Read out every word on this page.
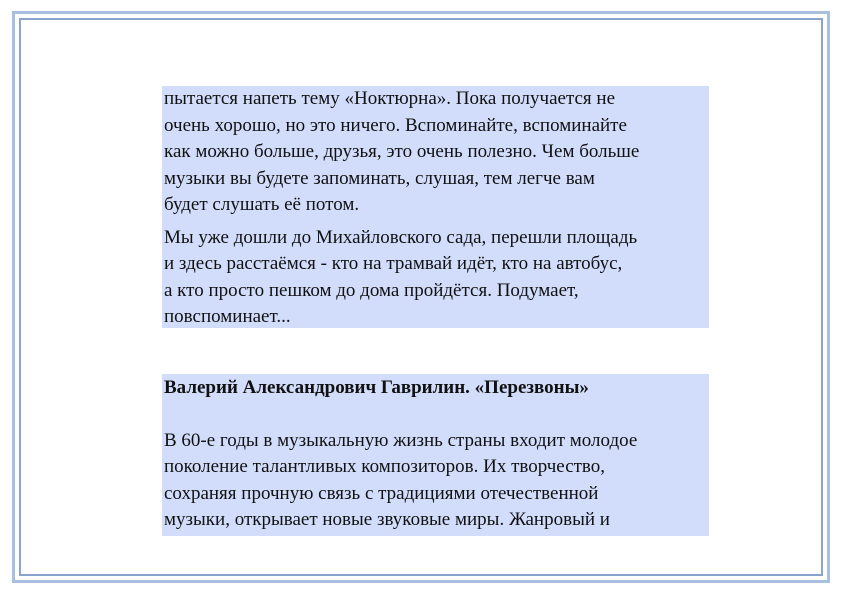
пытается напеть тему «Ноктюрна». Пока получается не
очень хорошо, но это ничего. Вспоминайте, вспоминайте
как можно больше, друзья, это очень полезно. Чем больше
музыки вы будете запоминать, слушая, тем легче вам
будет слушать её потом.

Мы уже дошли до Михайловского сада, перешли площадь
и здесь расстаёмся - кто на трамвай идёт, кто на автобус,
а кто просто пешком до дома пройдётся. Подумает,
повспоминает...

Валерий Александрович Гаврилин. «Перезвоны»

В 60-е годы в музыкальную жизнь страны входит молодое
поколение талантливых композиторов. Их творчество,
сохраняя прочную связь с традициями отечественной
музыки, открывает новые звуковые миры. Жанровый и
